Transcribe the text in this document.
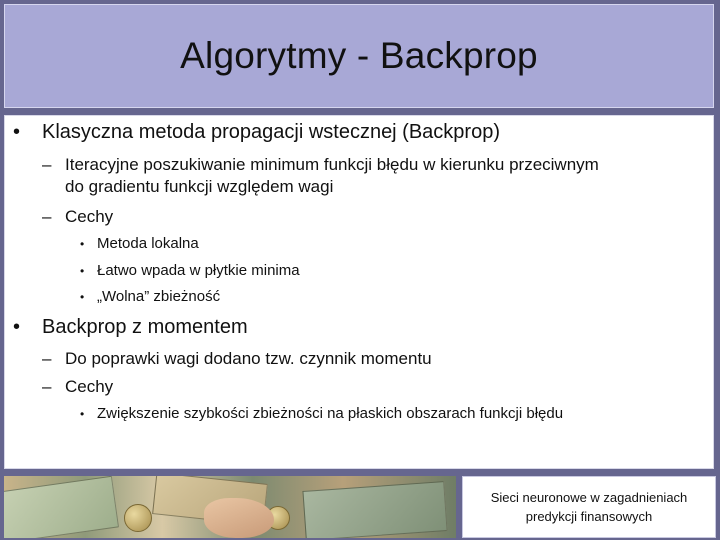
Algorytmy - Backprop
• Klasyczna metoda propagacji wstecznej (Backprop)
– Iteracyjne poszukiwanie minimum funkcji błędu w kierunku przeciwnym
do gradientu funkcji względem wagi
– Cechy
• Metoda lokalna
• Łatwo wpada w płytkie minima
• „Wolna” zbieżność
• Backprop z momentem
– Do poprawki wagi dodano tzw. czynnik momentu
– Cechy
• Zwiększenie szybkości zbieżności na płaskich obszarach funkcji błędu
Sieci neuronowe w zagadnieniach
predykcji finansowych
